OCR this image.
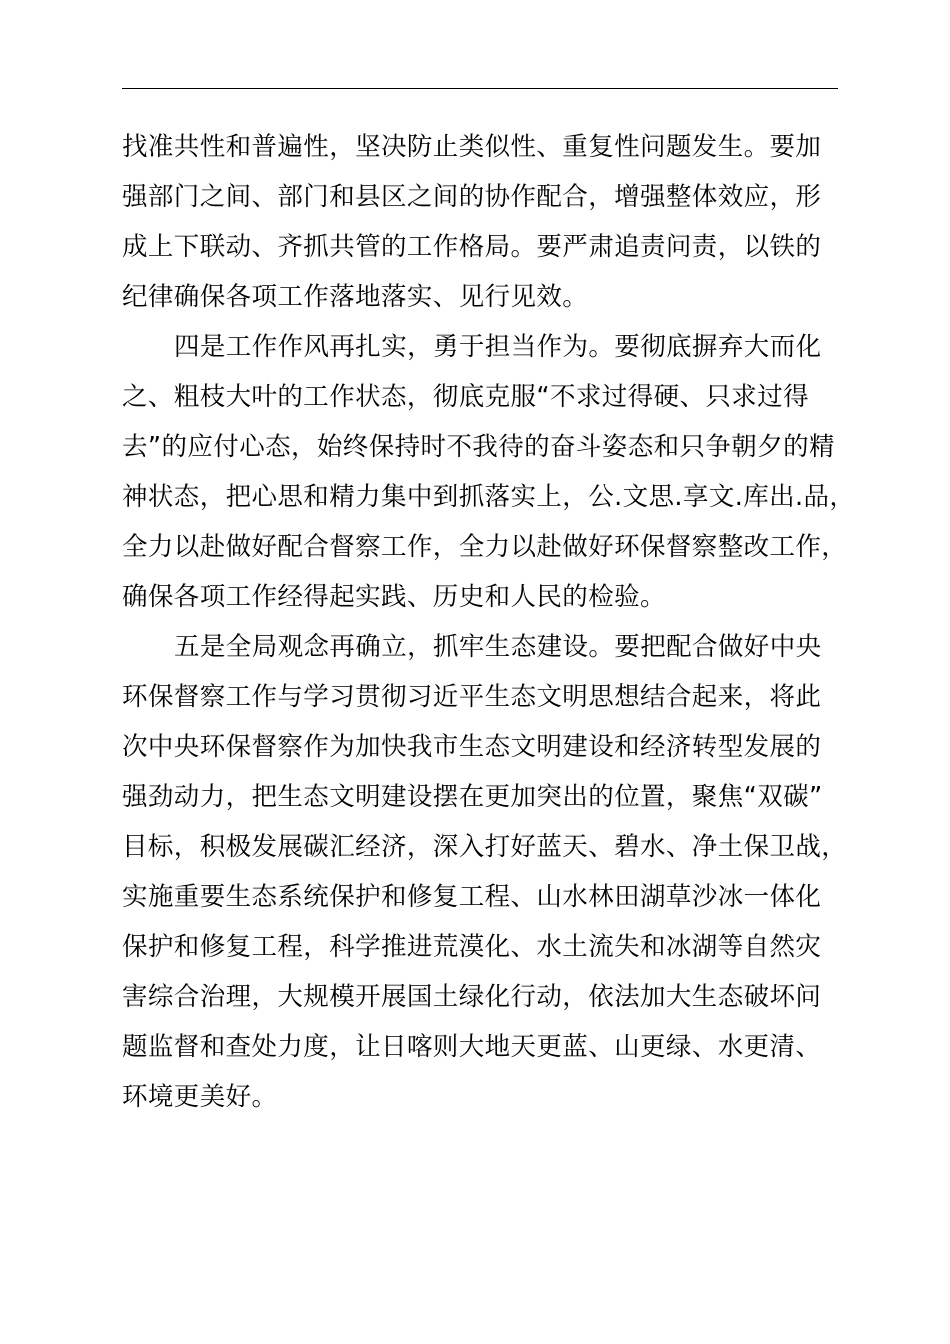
找准共性和普遍性，坚决防止类似性、重复性问题发生。要加
强部门之间、部门和县区之间的协作配合，增强整体效应，形
成上下联动、齐抓共管的工作格局。要严肃追责问责，以铁的
纪律确保各项工作落地落实、见行见效。
四是工作作风再扎实，勇于担当作为。要彻底摒弃大而化
之、粗枝大叶的工作状态，彻底克服“不求过得硬、只求过得
去”的应付心态，始终保持时不我待的奋斗姿态和只争朝夕的精
神状态，把心思和精力集中到抓落实上，公.文思.享文.库出.品，
全力以赴做好配合督察工作，全力以赴做好环保督察整改工作，
确保各项工作经得起实践、历史和人民的检验。
五是全局观念再确立，抓牢生态建设。要把配合做好中央
环保督察工作与学习贯彻习近平生态文明思想结合起来，将此
次中央环保督察作为加快我市生态文明建设和经济转型发展的
强劲动力，把生态文明建设摆在更加突出的位置，聚焦“双碳”
目标，积极发展碳汇经济，深入打好蓝天、碧水、净土保卫战，
实施重要生态系统保护和修复工程、山水林田湖草沙冰一体化
保护和修复工程，科学推进荒漠化、水土流失和冰湖等自然灾
害综合治理，大规模开展国土绿化行动，依法加大生态破坏问
题监督和查处力度，让日喀则大地天更蓝、山更绿、水更清、
环境更美好。
